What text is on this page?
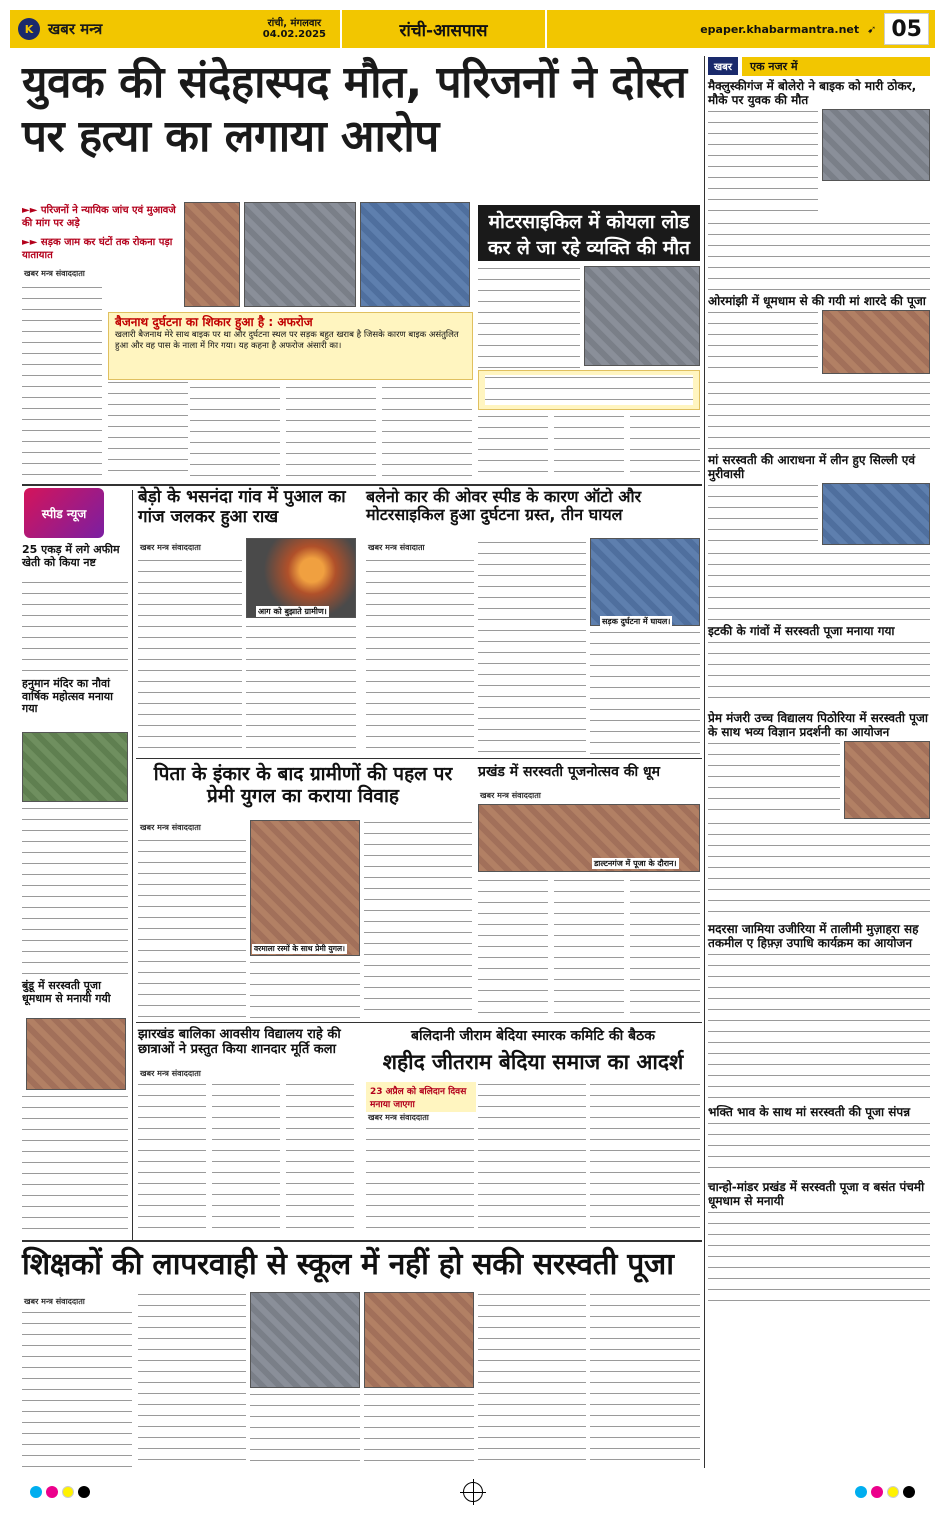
K खबर मन्त्र	रांची, मंगलवार
04.02.2025	रांची-आसपास	epaper.khabarmantra.net ➹ 05
युवक की संदेहास्पद मौत, परिजनों ने दोस्त पर हत्या का लगाया आरोप
►► परिजनों ने न्यायिक जांच एवं मुआवजे की मांग पर अड़े
►► सड़क जाम कर घंटों तक रोकना पड़ा यातायात
खबर मन्त्र संवाददाता
बैजनाथ दुर्घटना का शिकार हुआ है : अफरोज
खलारी बैजनाथ मेरे साथ बाइक पर था और दुर्घटना स्थल पर सड़क बहुत खराब है जिसके कारण बाइक असंतुलित हुआ और वह पास के नाला में गिर गया। यह कहना है अफरोज अंसारी का।
मोटरसाइकिल में कोयला लोड कर ले जा रहे व्यक्ति की मौत
स्पीड न्यूज
25 एकड़ में लगे अफीम खेती को किया नष्ट
हनुमान मंदिर का नौवां वार्षिक महोत्सव मनाया गया
बुंडू में सरस्वती पूजा धूमधाम से मनायी गयी
बेड़ो के भसनंदा गांव में पुआल का गांज जलकर हुआ राख
खबर मन्त्र संवाददाता
आग को बुझाते ग्रामीण।
बलेनो कार की ओवर स्पीड के कारण ऑटो और मोटरसाइकिल हुआ दुर्घटना ग्रस्त, तीन घायल
खबर मन्त्र संवादाता
सड़क दुर्घटना में घायल।
पिता के इंकार के बाद ग्रामीणों की पहल पर प्रेमी युगल का कराया विवाह
खबर मन्त्र संवाददाता
वरमाला रस्मों के साथ प्रेमी युगल।
प्रखंड में सरस्वती पूजनोत्सव की धूम
खबर मन्त्र संवाददाता
डाल्टनगंज में पूजा के दौरान।
झारखंड बालिका आवसीय विद्यालय राहे की छात्राओं ने प्रस्तुत किया शानदार मूर्ति कला
खबर मन्त्र संवाददाता
बलिदानी जीराम बेदिया स्मारक कमिटि की बैठक
शहीद जीतराम बेदिया समाज का आदर्श
23 अप्रैल को बलिदान दिवस मनाया जाएगा
खबर मन्त्र संवाददाता
शिक्षकों की लापरवाही से स्कूल में नहीं हो सकी सरस्वती पूजा
खबर मन्त्र संवाददाता
खबर	एक नजर में
मैक्लुस्कीगंज में बोलेरो ने बाइक को मारी ठोकर, मौके पर युवक की मौत
ओरमांझी में धूमधाम से की गयी मां शारदे की पूजा
मां सरस्वती की आराधना में लीन हुए सिल्ली एवं मुरीवासी
इटकी के गांवों में सरस्वती पूजा मनाया गया
प्रेम मंजरी उच्च विद्यालय पिठोरिया में सरस्वती पूजा के साथ भव्य विज्ञान प्रदर्शनी का आयोजन
मदरसा जामिया उजीरिया में तालीमी मुज़ाहरा सह तकमील ए हिफ़्ज़ उपाधि कार्यक्रम का आयोजन
भक्ति भाव के साथ मां सरस्वती की पूजा संपन्न
चान्हो-मांडर प्रखंड में सरस्वती पूजा व बसंत पंचमी धूमधाम से मनायी
